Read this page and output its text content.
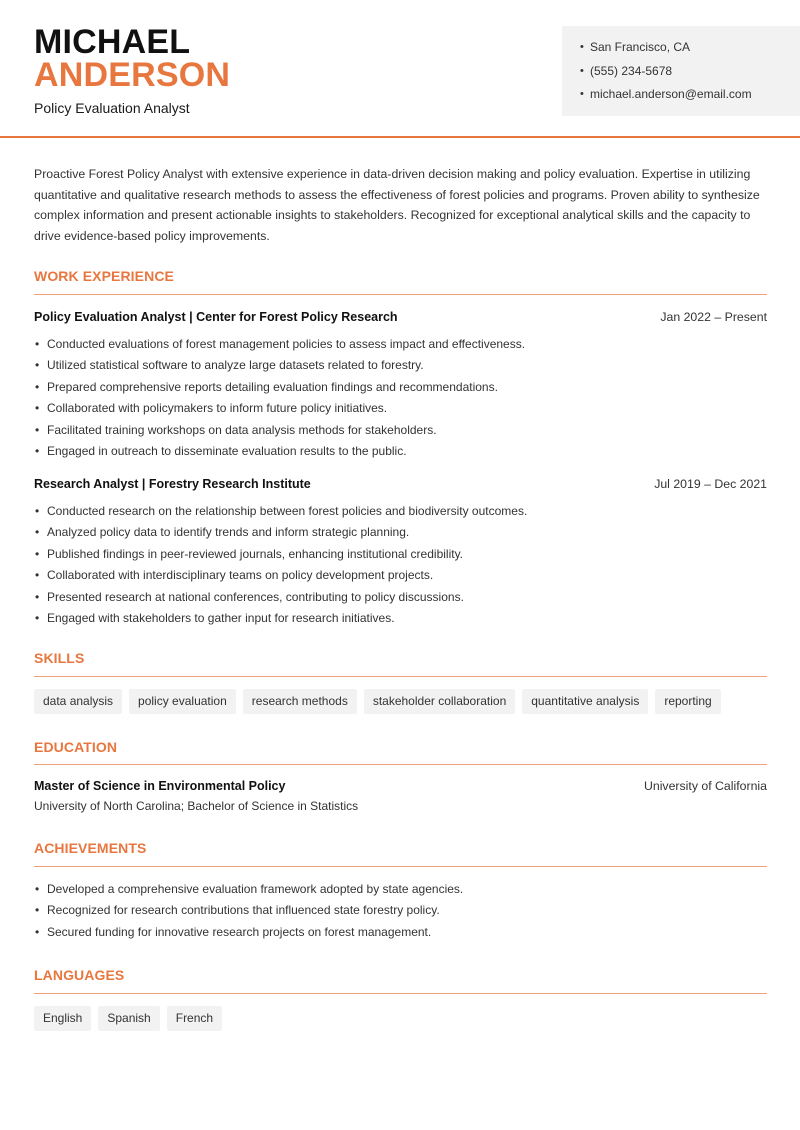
MICHAEL
ANDERSON
Policy Evaluation Analyst
• San Francisco, CA
• (555) 234-5678
• michael.anderson@email.com

Proactive Forest Policy Analyst with extensive experience in data-driven decision making and policy evaluation. Expertise in utilizing quantitative and qualitative research methods to assess the effectiveness of forest policies and programs. Proven ability to synthesize complex information and present actionable insights to stakeholders. Recognized for exceptional analytical skills and the capacity to drive evidence-based policy improvements.

WORK EXPERIENCE
Policy Evaluation Analyst | Center for Forest Policy Research	Jan 2022 – Present
• Conducted evaluations of forest management policies to assess impact and effectiveness.
• Utilized statistical software to analyze large datasets related to forestry.
• Prepared comprehensive reports detailing evaluation findings and recommendations.
• Collaborated with policymakers to inform future policy initiatives.
• Facilitated training workshops on data analysis methods for stakeholders.
• Engaged in outreach to disseminate evaluation results to the public.
Research Analyst | Forestry Research Institute	Jul 2019 – Dec 2021
• Conducted research on the relationship between forest policies and biodiversity outcomes.
• Analyzed policy data to identify trends and inform strategic planning.
• Published findings in peer-reviewed journals, enhancing institutional credibility.
• Collaborated with interdisciplinary teams on policy development projects.
• Presented research at national conferences, contributing to policy discussions.
• Engaged with stakeholders to gather input for research initiatives.
SKILLS
data analysis	policy evaluation	research methods	stakeholder collaboration	quantitative analysis	reporting
EDUCATION
Master of Science in Environmental Policy	University of California
University of North Carolina; Bachelor of Science in Statistics
ACHIEVEMENTS
• Developed a comprehensive evaluation framework adopted by state agencies.
• Recognized for research contributions that influenced state forestry policy.
• Secured funding for innovative research projects on forest management.
LANGUAGES
English	Spanish	French
